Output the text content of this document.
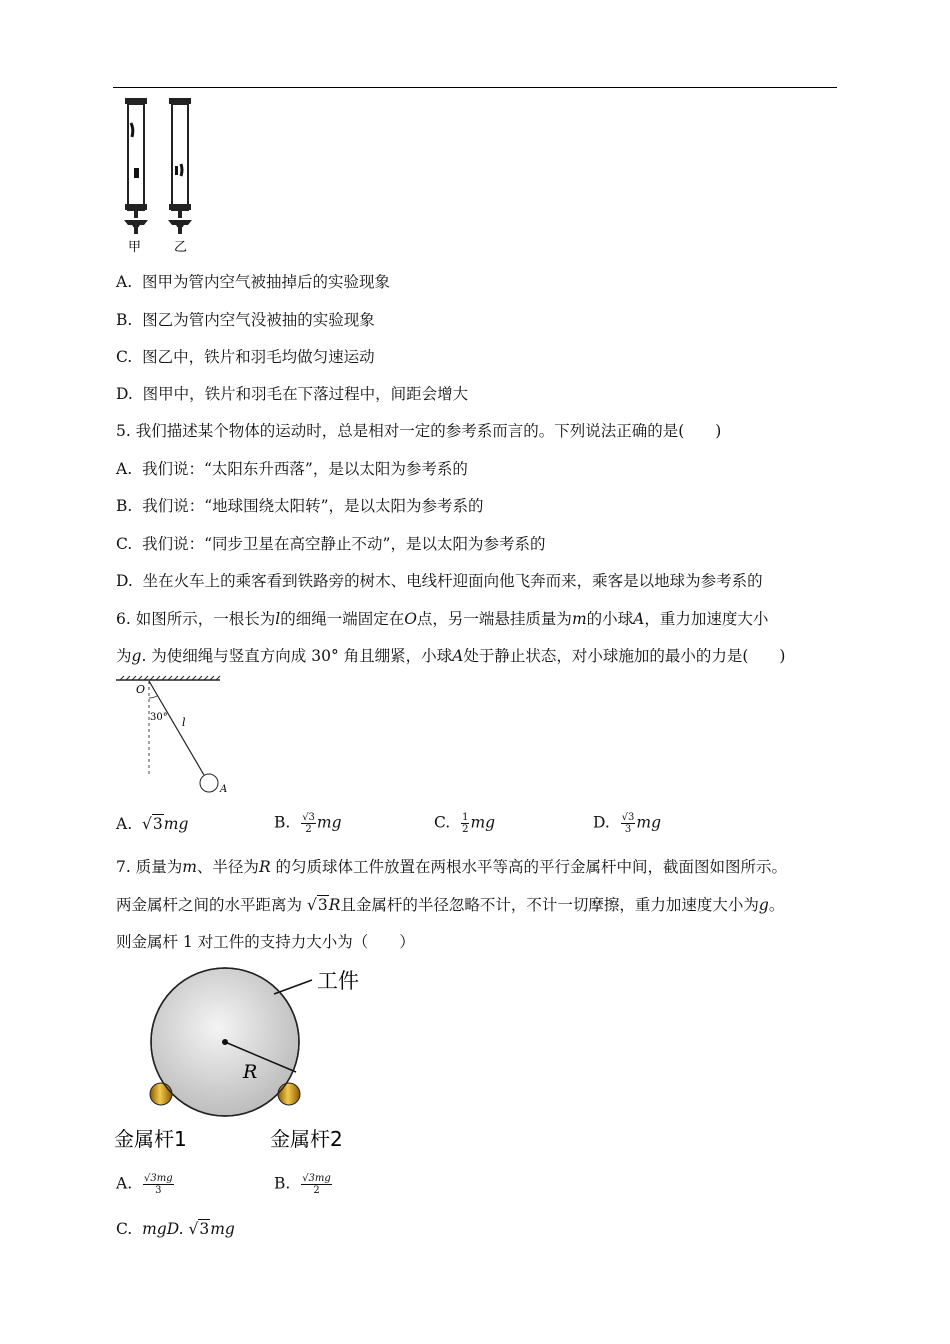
甲	乙
A. 图甲为管内空气被抽掉后的实验现象
B. 图乙为管内空气没被抽的实验现象
C. 图乙中，铁片和羽毛均做匀速运动
D. 图甲中，铁片和羽毛在下落过程中，间距会增大
5. 我们描述某个物体的运动时，总是相对一定的参考系而言的。下列说法正确的是(　　)
A. 我们说：“太阳东升西落”，是以太阳为参考系的
B. 我们说：“地球围绕太阳转”，是以太阳为参考系的
C. 我们说：“同步卫星在高空静止不动”，是以太阳为参考系的
D. 坐在火车上的乘客看到铁路旁的树木、电线杆迎面向他飞奔而来，乘客是以地球为参考系的
6. 如图所示，一根长为l的细绳一端固定在O点，另一端悬挂质量为m的小球A，重力加速度大小
为g. 为使细绳与竖直方向成 30° 角且绷紧，小球A处于静止状态，对小球施加的最小的力是(　　)
O
30° l
A
A. √3mg	B. $\frac{√3}{2}$ mg	C. $\frac{1}{2}$ mg	D. $\frac{√3}{3}$ mg
7. 质量为m、半径为R 的匀质球体工件放置在两根水平等高的平行金属杆中间，截面图如图所示。
两金属杆之间的水平距离为 √3R且金属杆的半径忽略不计，不计一切摩擦，重力加速度大小为g。
则金属杆 1 对工件的支持力大小为（　　）
工件
R
金属杆1	金属杆2
A. $\frac{√3mg}{3}$	B. $\frac{√3mg}{2}$
C. mgD. √3mg
